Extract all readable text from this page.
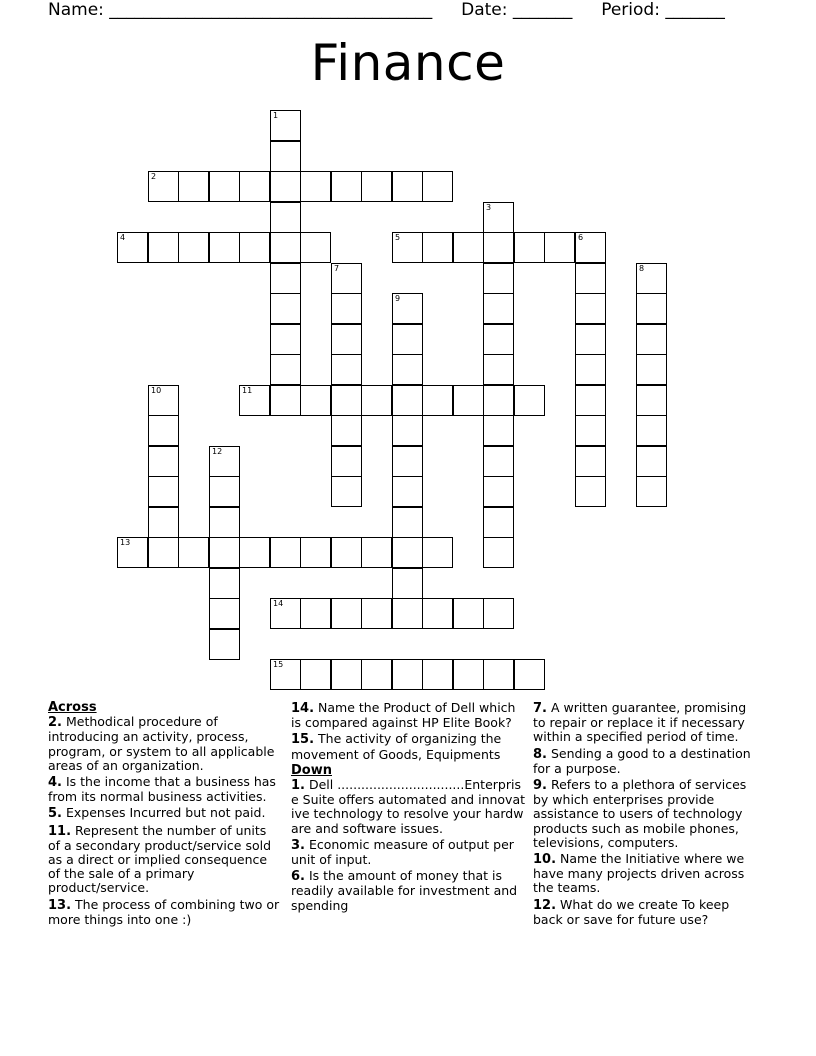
Name: ______________________________________ Date: _______ Period: _______
Finance
2
4	5	6
11
13
14
15
1
3
7	8
9
10
12
Across
2. Methodical procedure of introducing an activity, process, program, or system to all applicable areas of an organization.
4. Is the income that a business has from its normal business activities.
5. Expenses Incurred but not paid.
11. Represent the number of units of a secondary product/service sold as a direct or implied consequence of the sale of a primary product/service.
13. The process of combining two or more things into one :)
14. Name the Product of Dell which is compared against HP Elite Book?
15. The activity of organizing the movement of Goods, Equipments
Down
1. Dell ................................Enterprise Suite offers automated and innovative technology to resolve your hardware and software issues.
3. Economic measure of output per unit of input.
6. Is the amount of money that is readily available for investment and spending
7. A written guarantee, promising to repair or replace it if necessary within a specified period of time.
8. Sending a good to a destination for a purpose.
9. Refers to a plethora of services by which enterprises provide assistance to users of technology products such as mobile phones, televisions, computers.
10. Name the Initiative where we have many projects driven across the teams.
12. What do we create To keep back or save for future use?
